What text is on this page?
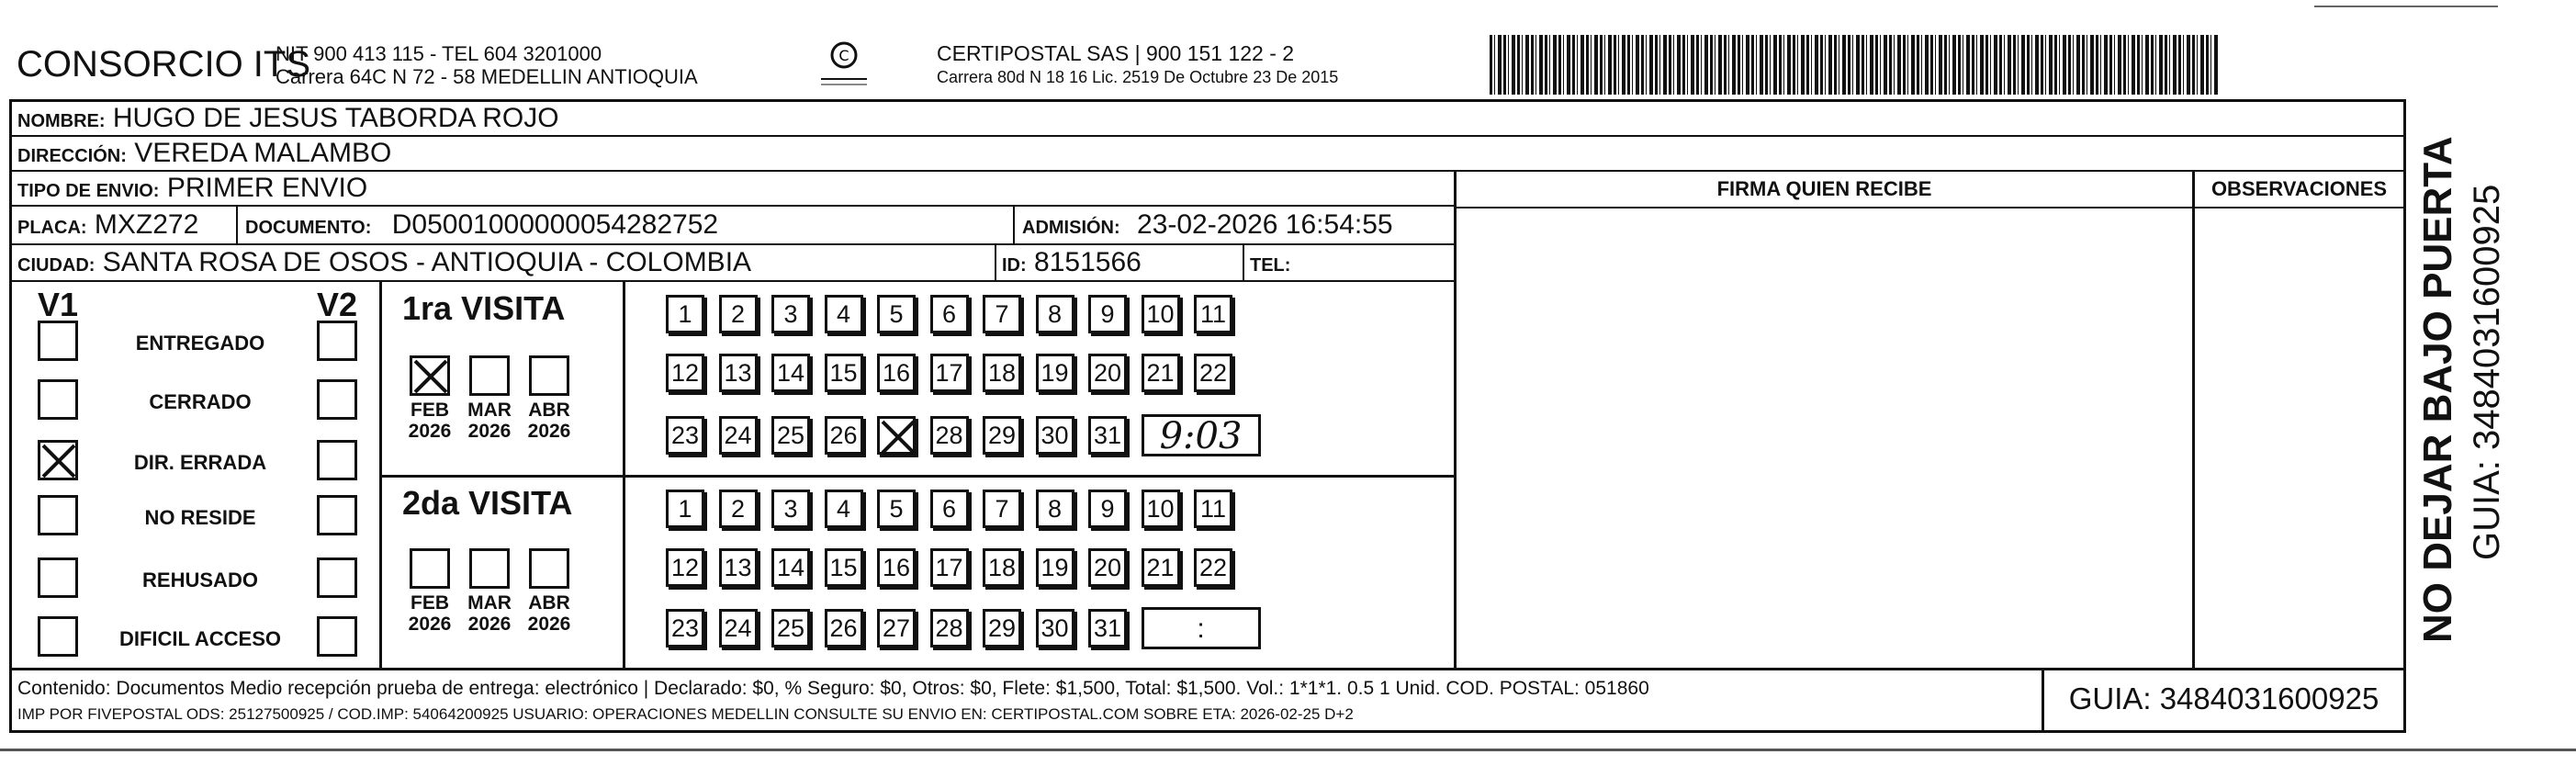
CONSORCIO ITS
NIT 900 413 115 - TEL 604 3201000
Carrera 64C N 72 - 58 MEDELLIN ANTIOQUIA
C	CERTIPOSTAL SAS | 900 151 122 - 2
Carrera 80d N 18 16 Lic. 2519 De Octubre 23 De 2015
NOMBRE: HUGO DE JESUS TABORDA ROJO
DIRECCIÓN: VEREDA MALAMBO
TIPO DE ENVIO: PRIMER ENVIO
PLACA: MXZ272	DOCUMENTO: D05001000000054282752	ADMISIÓN: 23-02-2026 16:54:55
CIUDAD: SANTA ROSA DE OSOS - ANTIOQUIA - COLOMBIA	ID: 8151566	TEL:
FIRMA QUIEN RECIBE	OBSERVACIONES
V1	V2
ENTREGADO
CERRADO
DIR. ERRADA
NO RESIDE
REHUSADO
DIFICIL ACCESO
1ra VISITA
2da VISITA
FEB
2026
MAR
2026
ABR
2026
FEB
2026
MAR
2026
ABR
2026
1	2	3	4	5	6	7	8	9	10 11
12 13 14 15 16 17 18 19 20 21 22
23 24 25 26	28 29 30 31	9:03
1	2	3	4	5	6	7	8	9	10 11
12 13 14 15 16 17 18 19 20 21 22
23 24 25 26 27 28 29 30 31	:
Contenido: Documentos Medio recepción prueba de entrega: electrónico | Declarado: $0, % Seguro: $0, Otros: $0, Flete: $1,500, Total: $1,500. Vol.: 1*1*1. 0.5 1 Unid. COD. POSTAL: 051860
IMP POR FIVEPOSTAL ODS: 25127500925 / COD.IMP: 54064200925 USUARIO: OPERACIONES MEDELLIN CONSULTE SU ENVIO EN: CERTIPOSTAL.COM SOBRE ETA: 2026-02-25 D+2	GUIA: 3484031600925
NO DEJAR BAJO PUERTA GUIA: 3484031600925
